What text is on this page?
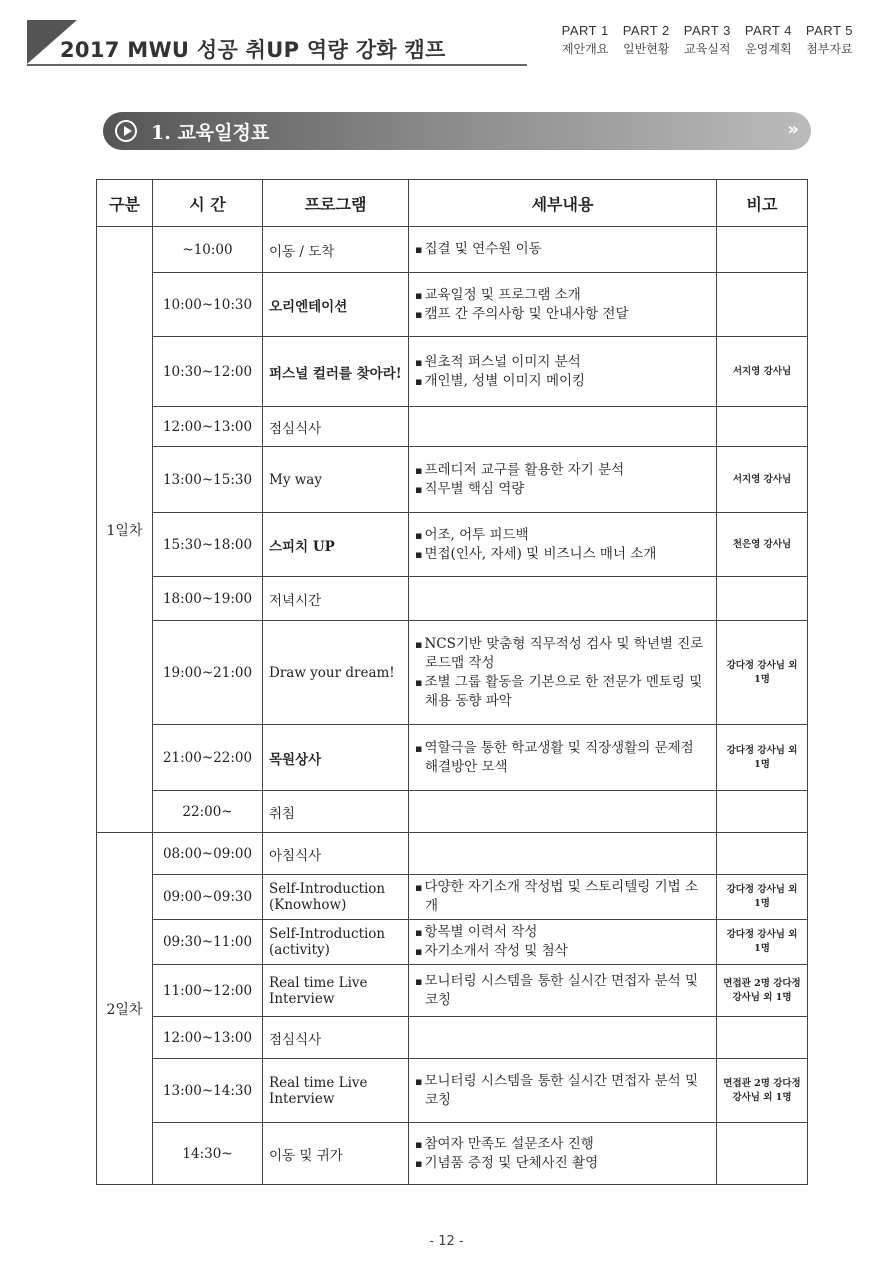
2017 MWU 성공 취UP 역량 강화 캠프
PART 1
제안개요
PART 2
일반현황
PART 3
교육실적
PART 4
운영계획
PART 5
첨부자료
1. 교육일정표	»
구분	시 간	프로그램	세부내용	비고
1일차	~10:00	이동 / 도착	▪ 집결 및 연수원 이동

	10:00~10:30	오리엔테이션	▪ 교육일정 및 프로그램 소개
▪ 캠프 간 주의사항 및 안내사항 전달

	10:30~12:00	퍼스널 컬러를 찾아라!	▪ 원초적 퍼스널 이미지 분석
▪ 개인별, 성별 이미지 메이킹	서지영 강사님
	12:00~13:00	점심식사		
	13:00~15:30	My way	▪ 프레디저 교구를 활용한 자기 분석
▪ 직무별 핵심 역량	서지영 강사님
	15:30~18:00	스피치 UP	▪ 어조, 어투 피드백
▪ 면접(인사, 자세) 및 비즈니스 매너 소개	천은영 강사님
	18:00~19:00	저녁시간		
	19:00~21:00	Draw your dream!	▪ NCS기반 맞춤형 직무적성 검사 및 학년별 진로 로드맵 작성
▪ 조별 그룹 활동을 기본으로 한 전문가 멘토링 및 채용 동향 파악	강다정 강사님 외 1명
	21:00~22:00	목원상사	▪ 역할극을 통한 학교생활 및 직장생활의 문제점 해결방안 모색	강다정 강사님 외 1명
	22:00~	취침		
2일차	08:00~09:00	아침식사		
	09:00~09:30	Self-Introduction (Knowhow)	▪ 다양한 자기소개 작성법 및 스토리텔링 기법 소개	강다정 강사님 외 1명
	09:30~11:00	Self-Introduction (activity)	▪ 항목별 이력서 작성
▪ 자기소개서 작성 및 첨삭	강다정 강사님 외 1명
	11:00~12:00	Real time Live Interview	▪ 모니터링 시스템을 통한 실시간 면접자 분석 및 코칭	면접관 2명 강다정 강사님 외 1명
	12:00~13:00	점심식사		
	13:00~14:30	Real time Live Interview	▪ 모니터링 시스템을 통한 실시간 면접자 분석 및 코칭	면접관 2명 강다정 강사님 외 1명
	14:30~	이동 및 귀가	▪ 참여자 만족도 설문조사 진행
▪ 기념품 증정 및 단체사진 촬영

- 12 -
